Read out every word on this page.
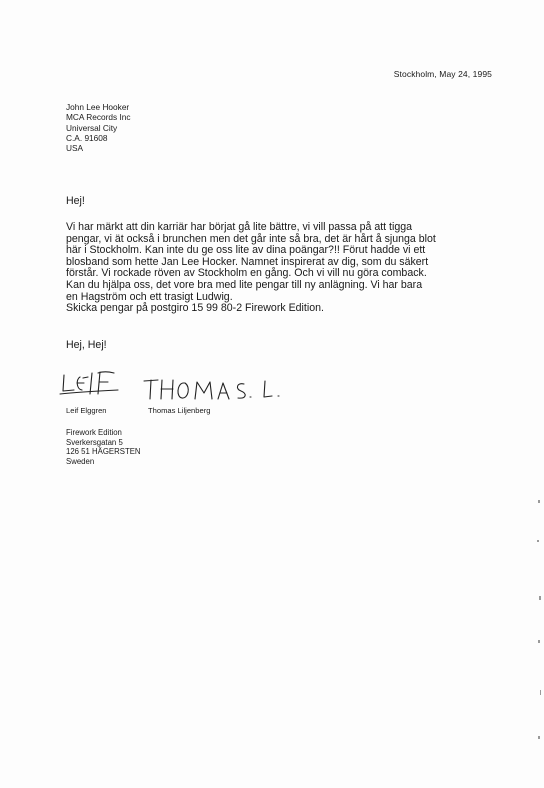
Stockholm, May 24, 1995
John Lee Hooker
MCA Records Inc
Universal City
C.A. 91608
USA
Hej!
Vi har märkt att din karriär har börjat gå lite bättre, vi vill passa på att tigga
pengar, vi ät också i brunchen men det går inte så bra, det är hårt å sjunga blot
här i Stockholm. Kan inte du ge oss lite av dina poängar?!! Förut hadde vi ett
blosband som hette Jan Lee Hocker. Namnet inspirerat av dig, som du säkert
förstår. Vi rockade röven av Stockholm en gång. Och vi vill nu göra comback.
Kan du hjälpa oss, det vore bra med lite pengar till ny anlägning. Vi har bara
en Hagström och ett trasigt Ludwig.
Skicka pengar på postgiro 15 99 80-2 Firework Edition.
Hej, Hej!
Leif Elggren	Thomas Liljenberg
Firework Edition
Sverkersgatan 5
126 51 HÄGERSTEN
Sweden
